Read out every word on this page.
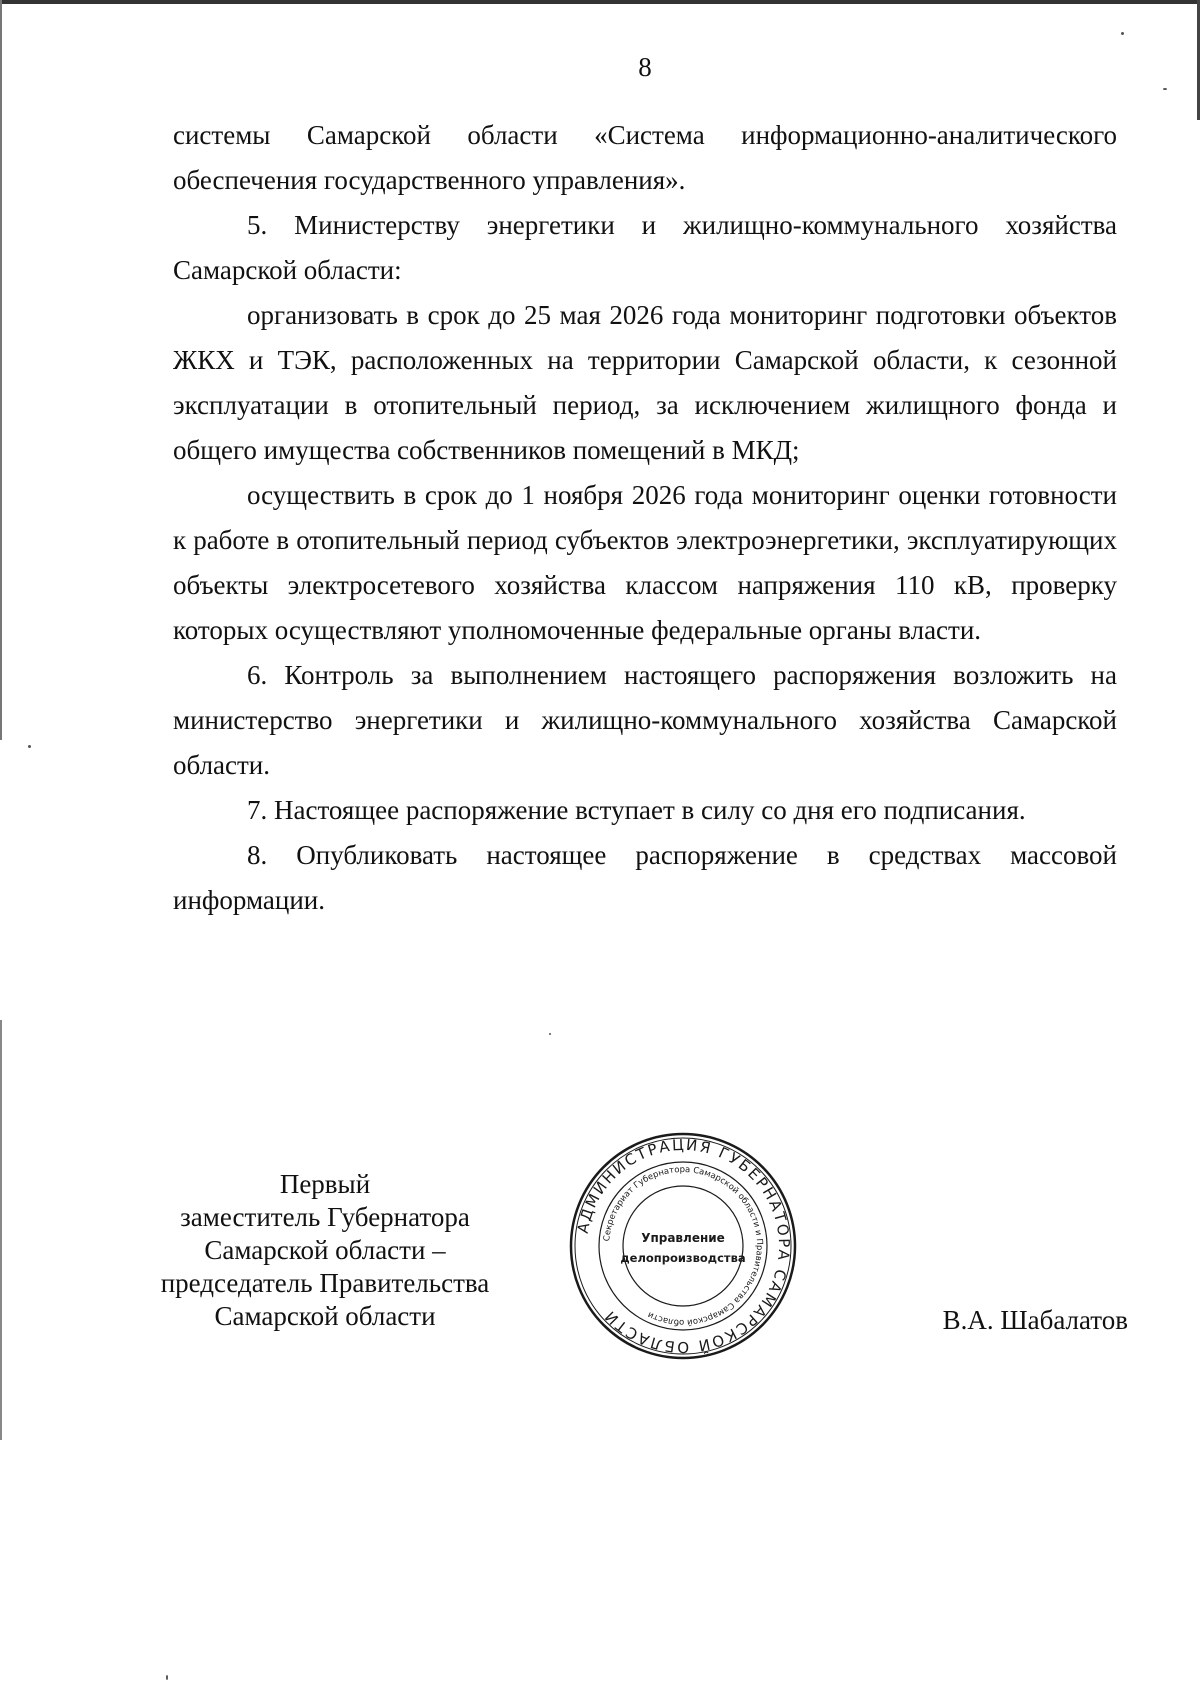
8

системы Самарской области «Система информационно-аналитического обеспечения государственного управления».

5. Министерству энергетики и жилищно-коммунального хозяйства Самарской области:

организовать в срок до 25 мая 2026 года мониторинг подготовки объектов ЖКХ и ТЭК, расположенных на территории Самарской области, к сезонной эксплуатации в отопительный период, за исключением жилищного фонда и общего имущества собственников помещений в МКД;

осуществить в срок до 1 ноября 2026 года мониторинг оценки готовности к работе в отопительный период субъектов электроэнергетики, эксплуатирующих объекты электросетевого хозяйства классом напряжения 110 кВ, проверку которых осуществляют уполномоченные федеральные органы власти.

6. Контроль за выполнением настоящего распоряжения возложить на министерство энергетики и жилищно-коммунального хозяйства Самарской области.

7. Настоящее распоряжение вступает в силу со дня его подписания.

8. Опубликовать настоящее распоряжение в средствах массовой информации.

Первый
заместитель Губернатора
Самарской области –
председатель Правительства
Самарской области
АДМИНИСТРАЦИЯ ГУБЕРНАТОРА САМАРСКОЙ ОБЛАСТИ
Секретариат Губернатора Самарской области и Правительства Самарской области
Управление
делопроизводства
В.А. Шабалатов
